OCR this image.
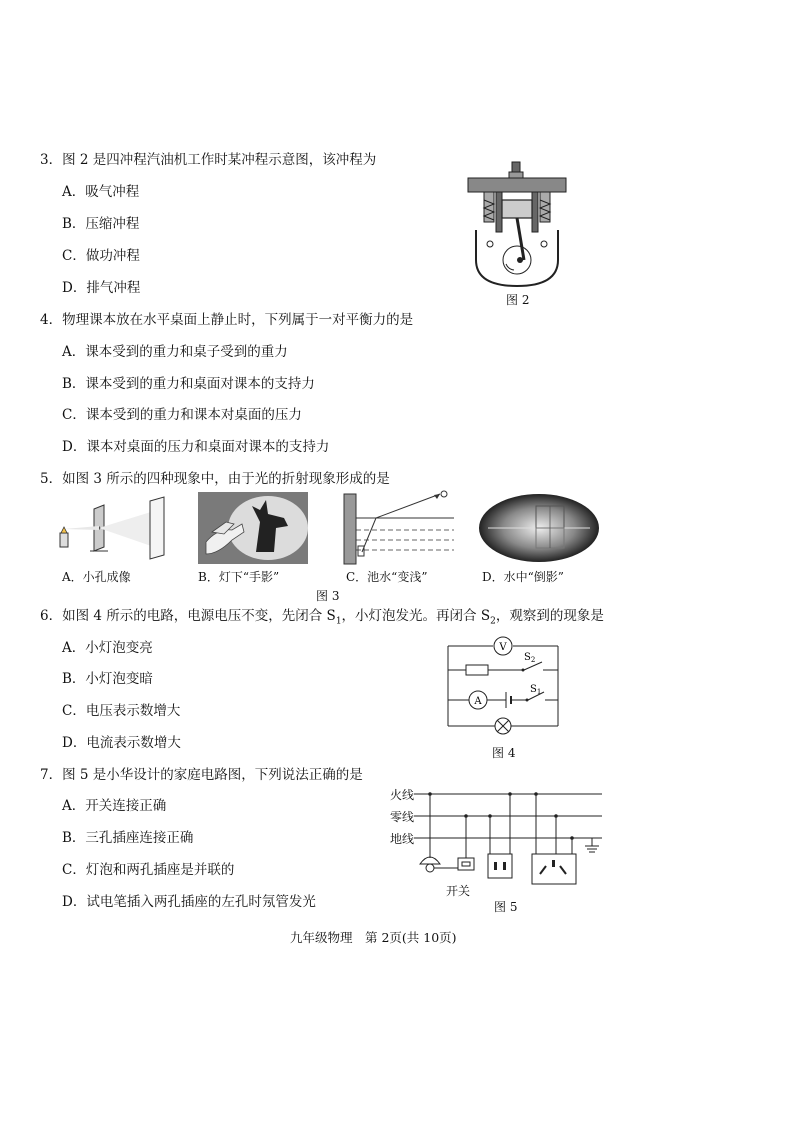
3．图 2 是四冲程汽油机工作时某冲程示意图，该冲程为
A．吸气冲程
B．压缩冲程
C．做功冲程
D．排气冲程
图 2
4．物理课本放在水平桌面上静止时，下列属于一对平衡力的是
A．课本受到的重力和桌子受到的重力
B．课本受到的重力和桌面对课本的支持力
C．课本受到的重力和课本对桌面的压力
D．课本对桌面的压力和桌面对课本的支持力
5．如图 3 所示的四种现象中，由于光的折射现象形成的是
A．小孔成像	B．灯下“手影”	C．池水“变浅”	D．水中“倒影”
图 3
6．如图 4 所示的电路，电源电压不变，先闭合 $S_1$，小灯泡发光。再闭合 $S_2$，观察到的现象是
A．小灯泡变亮
B．小灯泡变暗
C．电压表示数增大
D．电流表示数增大
V
$S_2$
A
$S_1$
图 4
7．图 5 是小华设计的家庭电路图，下列说法正确的是
A．开关连接正确
B．三孔插座连接正确
C．灯泡和两孔插座是并联的
D．试电笔插入两孔插座的左孔时氖管发光
火线
零线
地线
开关
图 5
九年级物理　第 2页(共 10页)
